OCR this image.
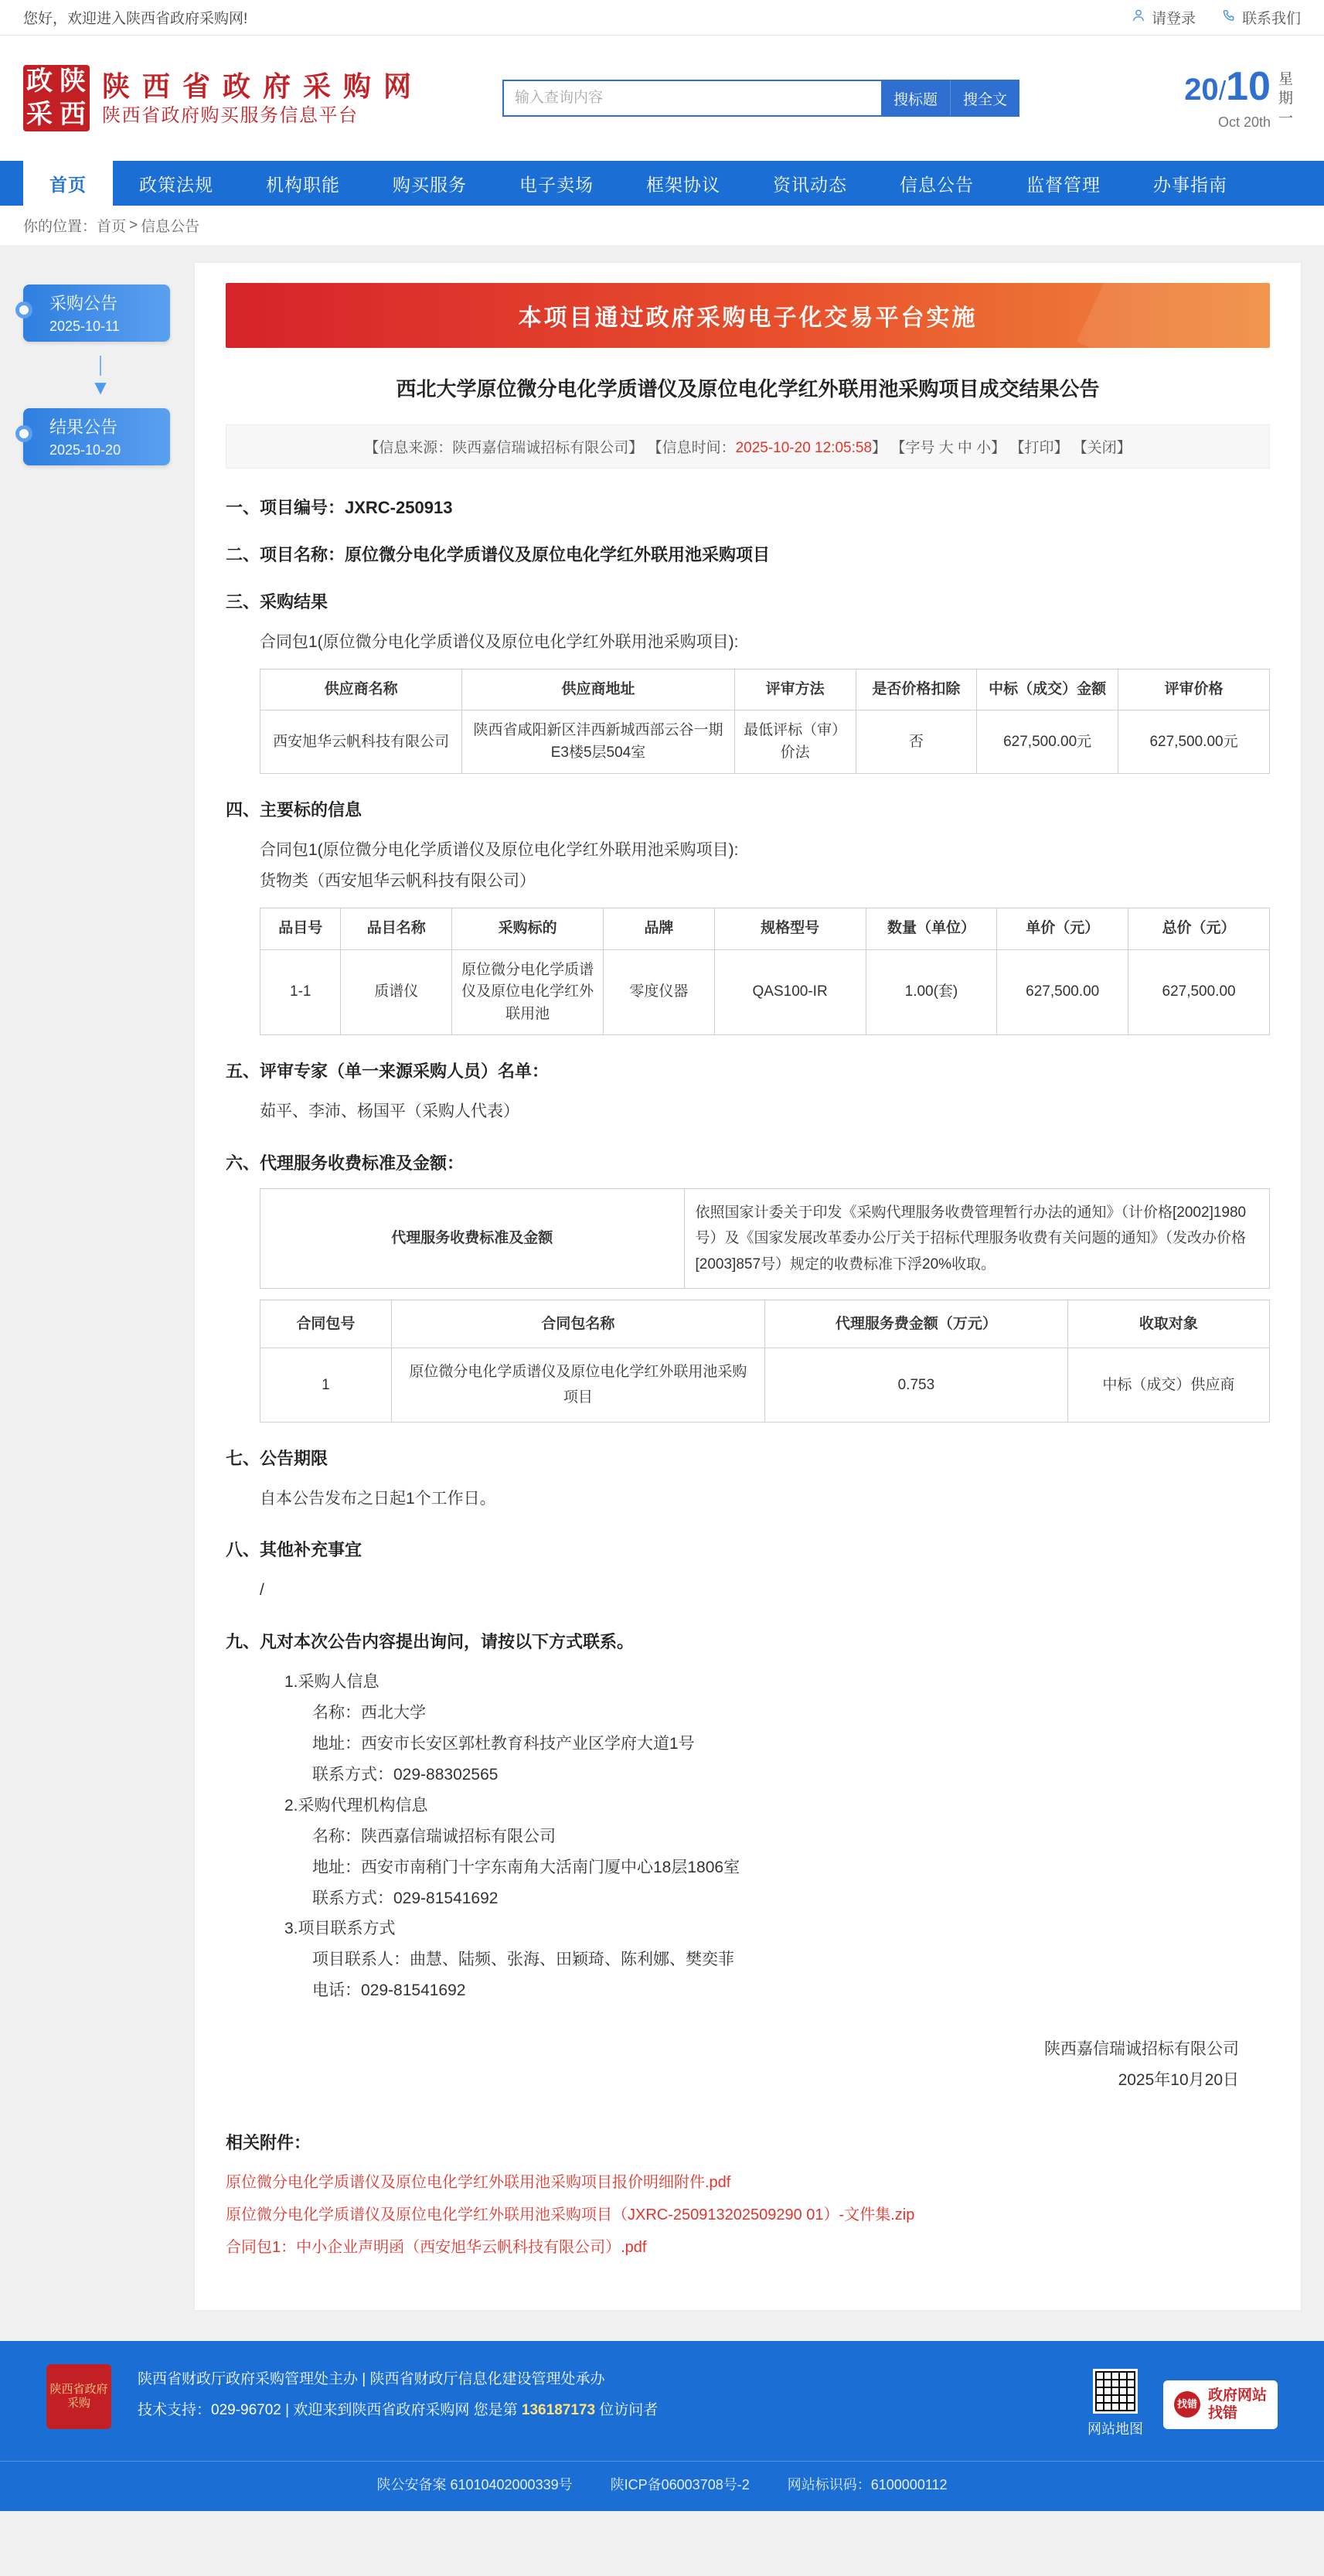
您好，欢迎进入陕西省政府采购网!	请登录	联系我们
政 陕
采 西
陕 西 省 政 府 采 购 网
陕西省政府购买服务信息平台
输入查询内容
搜标题	搜全文	20/10
Oct 20th
星
期
一
首页	政策法规	机构职能	购买服务	电子卖场	框架协议	资讯动态	信息公告	监督管理	办事指南
你的位置： 首页 > 信息公告
采购公告
2025-10-11
▼
结果公告
2025-10-20
本项目通过政府采购电子化交易平台实施
西北大学原位微分电化学质谱仪及原位电化学红外联用池采购项目成交结果公告
【信息来源：陕西嘉信瑞诚招标有限公司】 【信息时间：2025-10-20 12:05:58】 【字号 大 中 小】 【打印】 【关闭】
一、项目编号：JXRC-250913
二、项目名称：原位微分电化学质谱仪及原位电化学红外联用池采购项目
三、采购结果
合同包1(原位微分电化学质谱仪及原位电化学红外联用池采购项目):
供应商名称	供应商地址	评审方法	是否价格扣除	中标（成交）金额	评审价格
西安旭华云帆科技有限公司	陕西省咸阳新区沣西新城西部云谷一期E3楼5层504室	最低评标（审）价法	否	627,500.00元	627,500.00元
四、主要标的信息
合同包1(原位微分电化学质谱仪及原位电化学红外联用池采购项目):
货物类（西安旭华云帆科技有限公司）
品目号	品目名称	采购标的	品牌	规格型号	数量（单位）	单价（元）	总价（元）
1-1	质谱仪	原位微分电化学质谱仪及原位电化学红外联用池	零度仪器	QAS100-IR	1.00(套)	627,500.00	627,500.00
五、评审专家（单一来源采购人员）名单：
茹平、李沛、杨国平（采购人代表）
六、代理服务收费标准及金额：
代理服务收费标准及金额	依照国家计委关于印发《采购代理服务收费管理暂行办法的通知》（计价格[2002]1980号）及《国家发展改革委办公厅关于招标代理服务收费有关问题的通知》（发改办价格[2003]857号）规定的收费标准下浮20%收取。
合同包号	合同包名称	代理服务费金额（万元）	收取对象
1	原位微分电化学质谱仪及原位电化学红外联用池采购项目	0.753	中标（成交）供应商
七、公告期限
自本公告发布之日起1个工作日。
八、其他补充事宜
/
九、凡对本次公告内容提出询问，请按以下方式联系。
1.采购人信息
名称：西北大学
地址：西安市长安区郭杜教育科技产业区学府大道1号
联系方式：029-88302565
2.采购代理机构信息
名称：陕西嘉信瑞诚招标有限公司
地址：西安市南稍门十字东南角大活南门厦中心18层1806室
联系方式：029-81541692
3.项目联系方式
项目联系人：曲慧、陆频、张海、田颖琦、陈利娜、樊奕菲
电话：029-81541692
陕西嘉信瑞诚招标有限公司
2025年10月20日
相关附件：
原位微分电化学质谱仪及原位电化学红外联用池采购项目报价明细附件.pdf
原位微分电化学质谱仪及原位电化学红外联用池采购项目（JXRC-250913202509290 01）-文件集.zip
合同包1：中小企业声明函（西安旭华云帆科技有限公司）.pdf
陕西省政府采购
陕西省财政厅政府采购管理处主办 | 陕西省财政厅信息化建设管理处承办
技术支持：029-96702 | 欢迎来到陕西省政府采购网 您是第 136187173 位访问者
网站地图
找错
政府网站
找错
陕公安备案 61010402000339号	陕ICP备06003708号-2	网站标识码：6100000112
